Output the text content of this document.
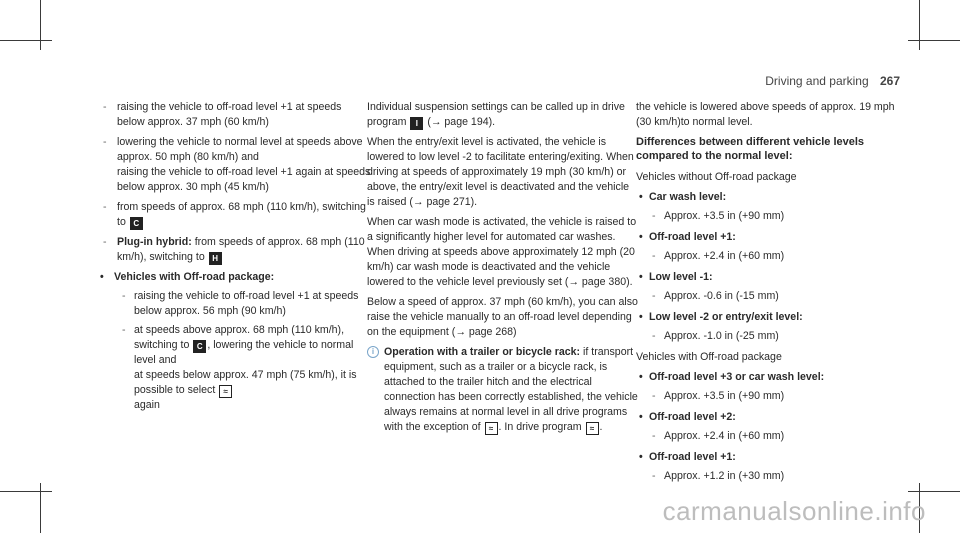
Driving and parking 267
- raising the vehicle to off-road level +1 at speeds below approx. 37 mph (60 km/h)
- lowering the vehicle to normal level at speeds above approx. 50 mph (80 km/h) and
raising the vehicle to off-road level +1 again at speeds below approx. 30 mph (45 km/h)
- from speeds of approx. 68 mph (110 km/h), switching to C
- Plug-in hybrid: from speeds of approx. 68 mph (110 km/h), switching to H
• Vehicles with Off-road package:
- raising the vehicle to off-road level +1 at speeds below approx. 56 mph (90 km/h)
- at speeds above approx. 68 mph (110 km/h), switching to C , lowering the vehicle to normal level and
at speeds below approx. 47 mph (75 km/h), it is possible to select ≈
again

Individual suspension settings can be called up in drive program I (→ page 194).

When the entry/exit level is activated, the vehicle is lowered to low level -2 to facilitate entering/exiting. When driving at speeds of approximately 19 mph (30 km/h) or above, the entry/exit level is deactivated and the vehicle is raised (→ page 271).

When car wash mode is activated, the vehicle is raised to a significantly higher level for automated car washes. When driving at speeds above approximately 12 mph (20 km/h) car wash mode is deactivated and the vehicle lowered to the vehicle level previously set (→ page 380).

Below a speed of approx. 37 mph (60 km/h), you can also raise the vehicle manually to an off-road level depending on the equipment (→ page 268)

i Operation with a trailer or bicycle rack: if transport equipment, such as a trailer or a bicycle rack, is attached to the trailer hitch and the electrical connection has been correctly established, the vehicle always remains at normal level in all drive programs with the exception of ≈ . In drive program ≈ .

the vehicle is lowered above speeds of approx. 19 mph (30 km/h)to normal level.

Differences between different vehicle levels compared to the normal level:

Vehicles without Off-road package

• Car wash level:
- Approx. +3.5 in (+90 mm)
• Off-road level +1:
- Approx. +2.4 in (+60 mm)
• Low level -1:
- Approx. -0.6 in (-15 mm)
• Low level -2 or entry/exit level:
- Approx. -1.0 in (-25 mm)

Vehicles with Off-road package

• Off-road level +3 or car wash level:
- Approx. +3.5 in (+90 mm)
• Off-road level +2:
- Approx. +2.4 in (+60 mm)
• Off-road level +1:
- Approx. +1.2 in (+30 mm)
carmanualsonline.info
